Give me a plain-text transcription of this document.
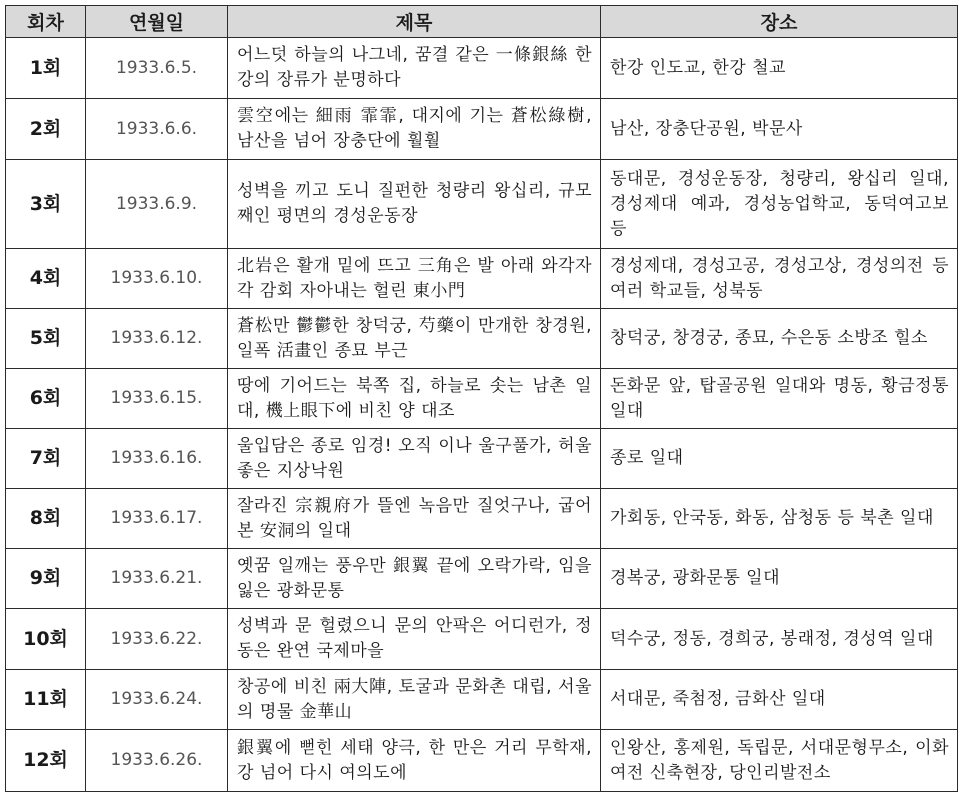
회차	연월일	제목	장소
1회	1933.6.5.	어느덧 하늘의 나그네, 꿈결 같은 一條銀絲 한강의 장류가 분명하다	한강 인도교, 한강 철교
2회	1933.6.6.	雲空에는 細雨 霏霏, 대지에 기는 蒼松綠樹, 남산을 넘어 장충단에 훨훨	남산, 장충단공원, 박문사
3회	1933.6.9.	성벽을 끼고 도니 질펀한 청량리 왕십리, 규모 째인 평면의 경성운동장	동대문, 경성운동장, 청량리, 왕십리 일대, 경성제대 예과, 경성농업학교, 동덕여고보 등
4회	1933.6.10.	北岩은 활개 밑에 뜨고 三角은 발 아래 와각자각 감회 자아내는 헐린 東小門	경성제대, 경성고공, 경성고상, 경성의전 등 여러 학교들, 성북동
5회	1933.6.12.	蒼松만 鬱鬱한 창덕궁, 芍藥이 만개한 창경원, 일폭 活畫인 종묘 부근	창덕궁, 창경궁, 종묘, 수은동 소방조 힐소
6회	1933.6.15.	땅에 기어드는 북쪽 집, 하늘로 솟는 남촌 일대, 機上眼下에 비친 양 대조	돈화문 앞, 탑골공원 일대와 명동, 황금정통 일대
7회	1933.6.16.	울입담은 종로 임경! 오직 이나 울구풀가, 허울 좋은 지상낙원	종로 일대
8회	1933.6.17.	잘라진 宗親府가 뜰엔 녹음만 질엇구나, 굽어본 安洞의 일대	가회동, 안국동, 화동, 삼청동 등 북촌 일대
9회	1933.6.21.	옛꿈 일깨는 풍우만 銀翼 끝에 오락가락, 임을 잃은 광화문통	경복궁, 광화문통 일대
10회	1933.6.22.	성벽과 문 헐렸으니 문의 안팍은 어디런가, 정동은 완연 국제마을	덕수궁, 정동, 경희궁, 봉래정, 경성역 일대
11회	1933.6.24.	창공에 비친 兩大陣, 토굴과 문화촌 대립, 서울의 명물 金華山	서대문, 죽첨정, 금화산 일대
12회	1933.6.26.	銀翼에 뻗힌 세태 양극, 한 만은 거리 무학재, 강 넘어 다시 여의도에	인왕산, 홍제원, 독립문, 서대문형무소, 이화여전 신축현장, 당인리발전소
